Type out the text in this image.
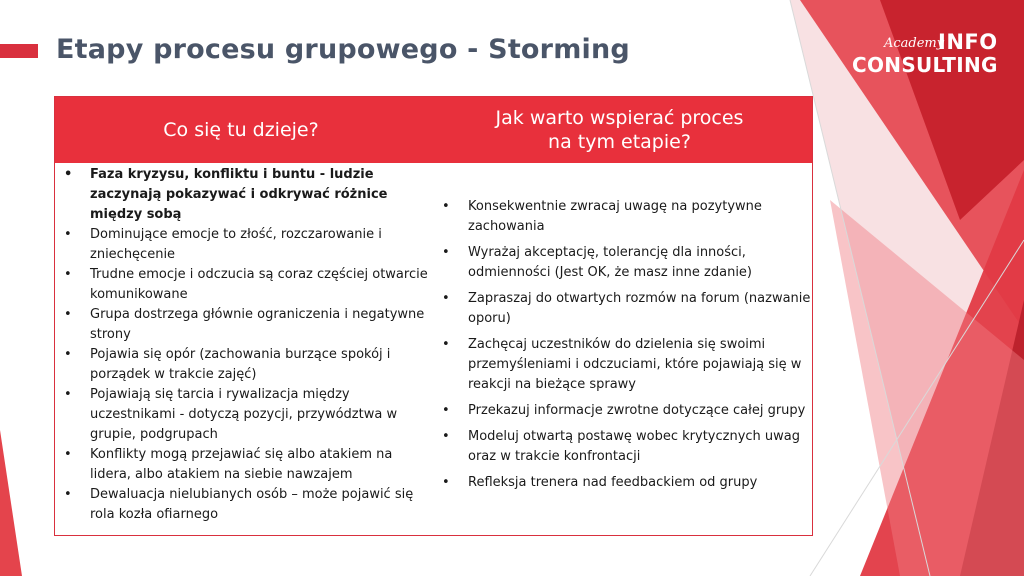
Etapy procesu grupowego - Storming	Academy
INFO
CONSULTING
Co się tu dzieje?
Jak warto wspierać proces
na tym etapie?
• Faza kryzysu, konfliktu i buntu - ludzie zaczynają pokazywać i odkrywać różnice między sobą
• Dominujące emocje to złość, rozczarowanie i zniechęcenie
• Trudne emocje i odczucia są coraz częściej otwarcie komunikowane
• Grupa dostrzega głównie ograniczenia i negatywne strony
• Pojawia się opór (zachowania burzące spokój i porządek w trakcie zajęć)
• Pojawiają się tarcia i rywalizacja między uczestnikami - dotyczą pozycji, przywództwa w grupie, podgrupach
• Konflikty mogą przejawiać się albo atakiem na lidera, albo atakiem na siebie nawzajem
• Dewaluacja nielubianych osób – może pojawić się rola kozła ofiarnego
• Konsekwentnie zwracaj uwagę na pozytywne zachowania
• Wyrażaj akceptację, tolerancję dla inności, odmienności (Jest OK, że masz inne zdanie)
• Zapraszaj do otwartych rozmów na forum (nazwanie oporu)
• Zachęcaj uczestników do dzielenia się swoimi przemyśleniami i odczuciami, które pojawiają się w reakcji na bieżące sprawy
• Przekazuj informacje zwrotne dotyczące całej grupy
• Modeluj otwartą postawę wobec krytycznych uwag oraz w trakcie konfrontacji
• Refleksja trenera nad feedbackiem od grupy
